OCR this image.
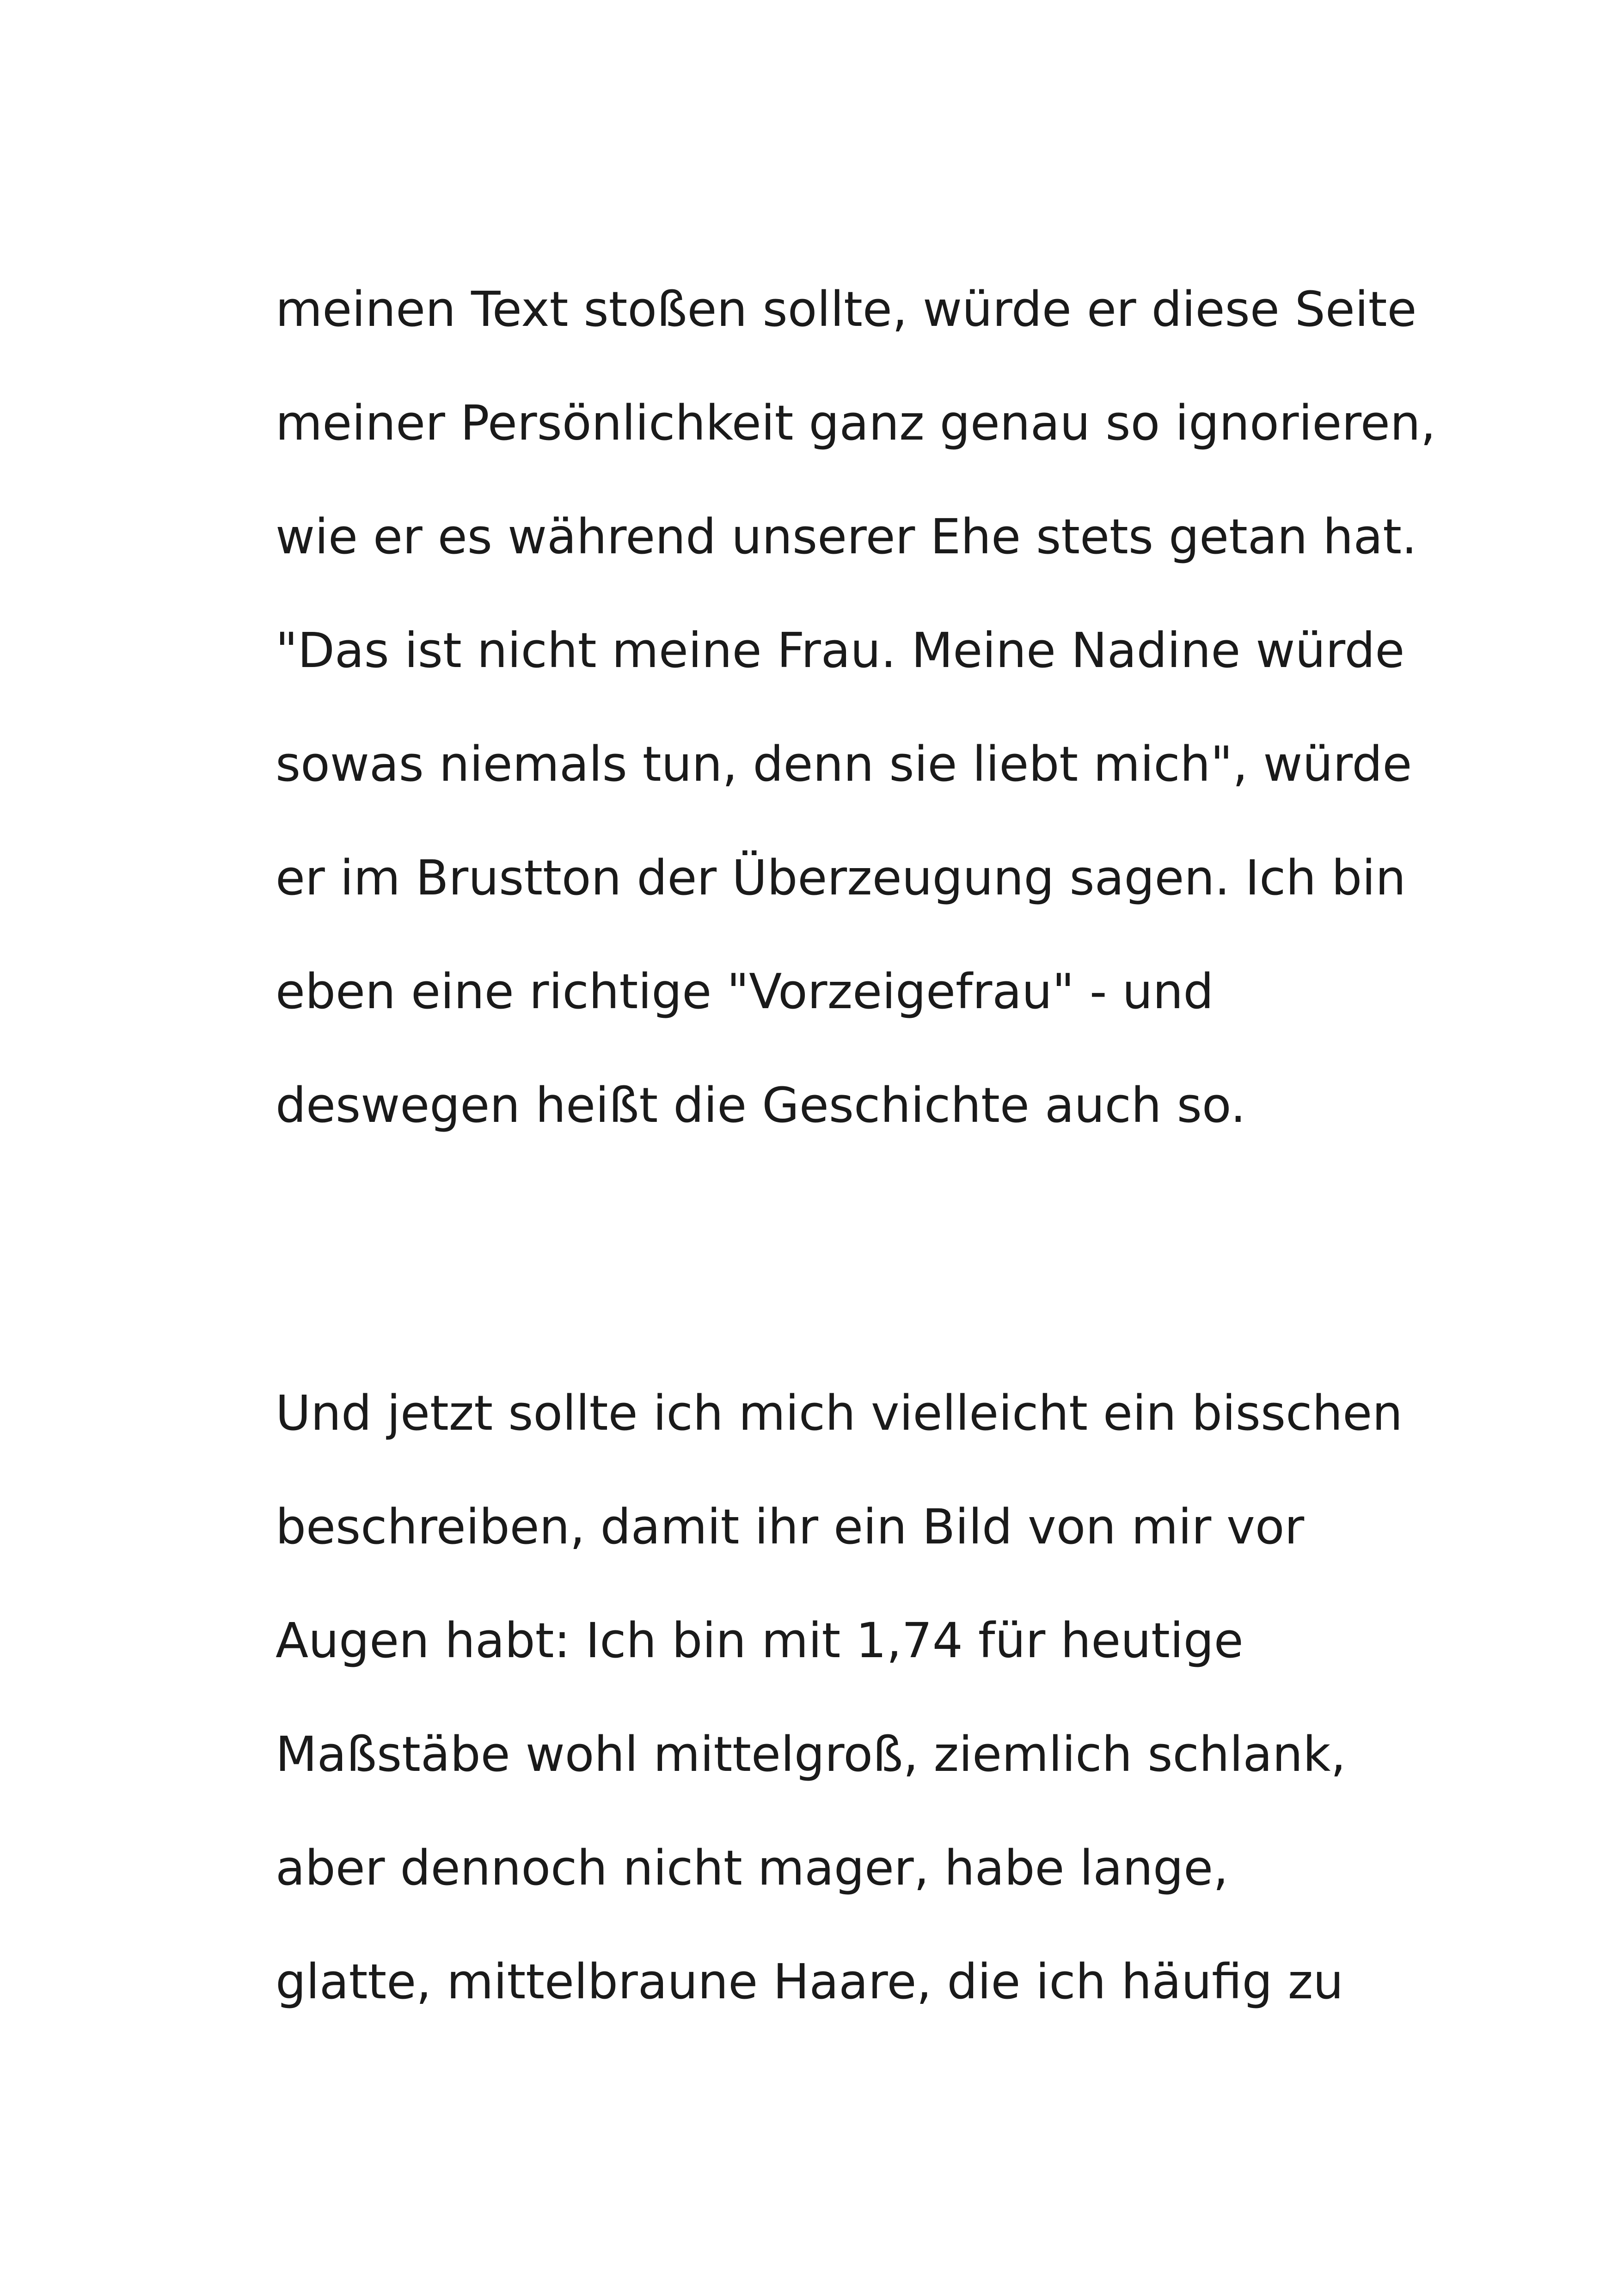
meinen Text stoßen sollte, würde er diese Seite
meiner Persönlichkeit ganz genau so ignorieren,
wie er es während unserer Ehe stets getan hat.
"Das ist nicht meine Frau. Meine Nadine würde
sowas niemals tun, denn sie liebt mich", würde
er im Brustton der Überzeugung sagen. Ich bin
eben eine richtige "Vorzeigefrau" - und
deswegen heißt die Geschichte auch so.
Und jetzt sollte ich mich vielleicht ein bisschen
beschreiben, damit ihr ein Bild von mir vor
Augen habt: Ich bin mit 1,74 für heutige
Maßstäbe wohl mittelgroß, ziemlich schlank,
aber dennoch nicht mager, habe lange,
glatte, mittelbraune Haare, die ich häufig zu
